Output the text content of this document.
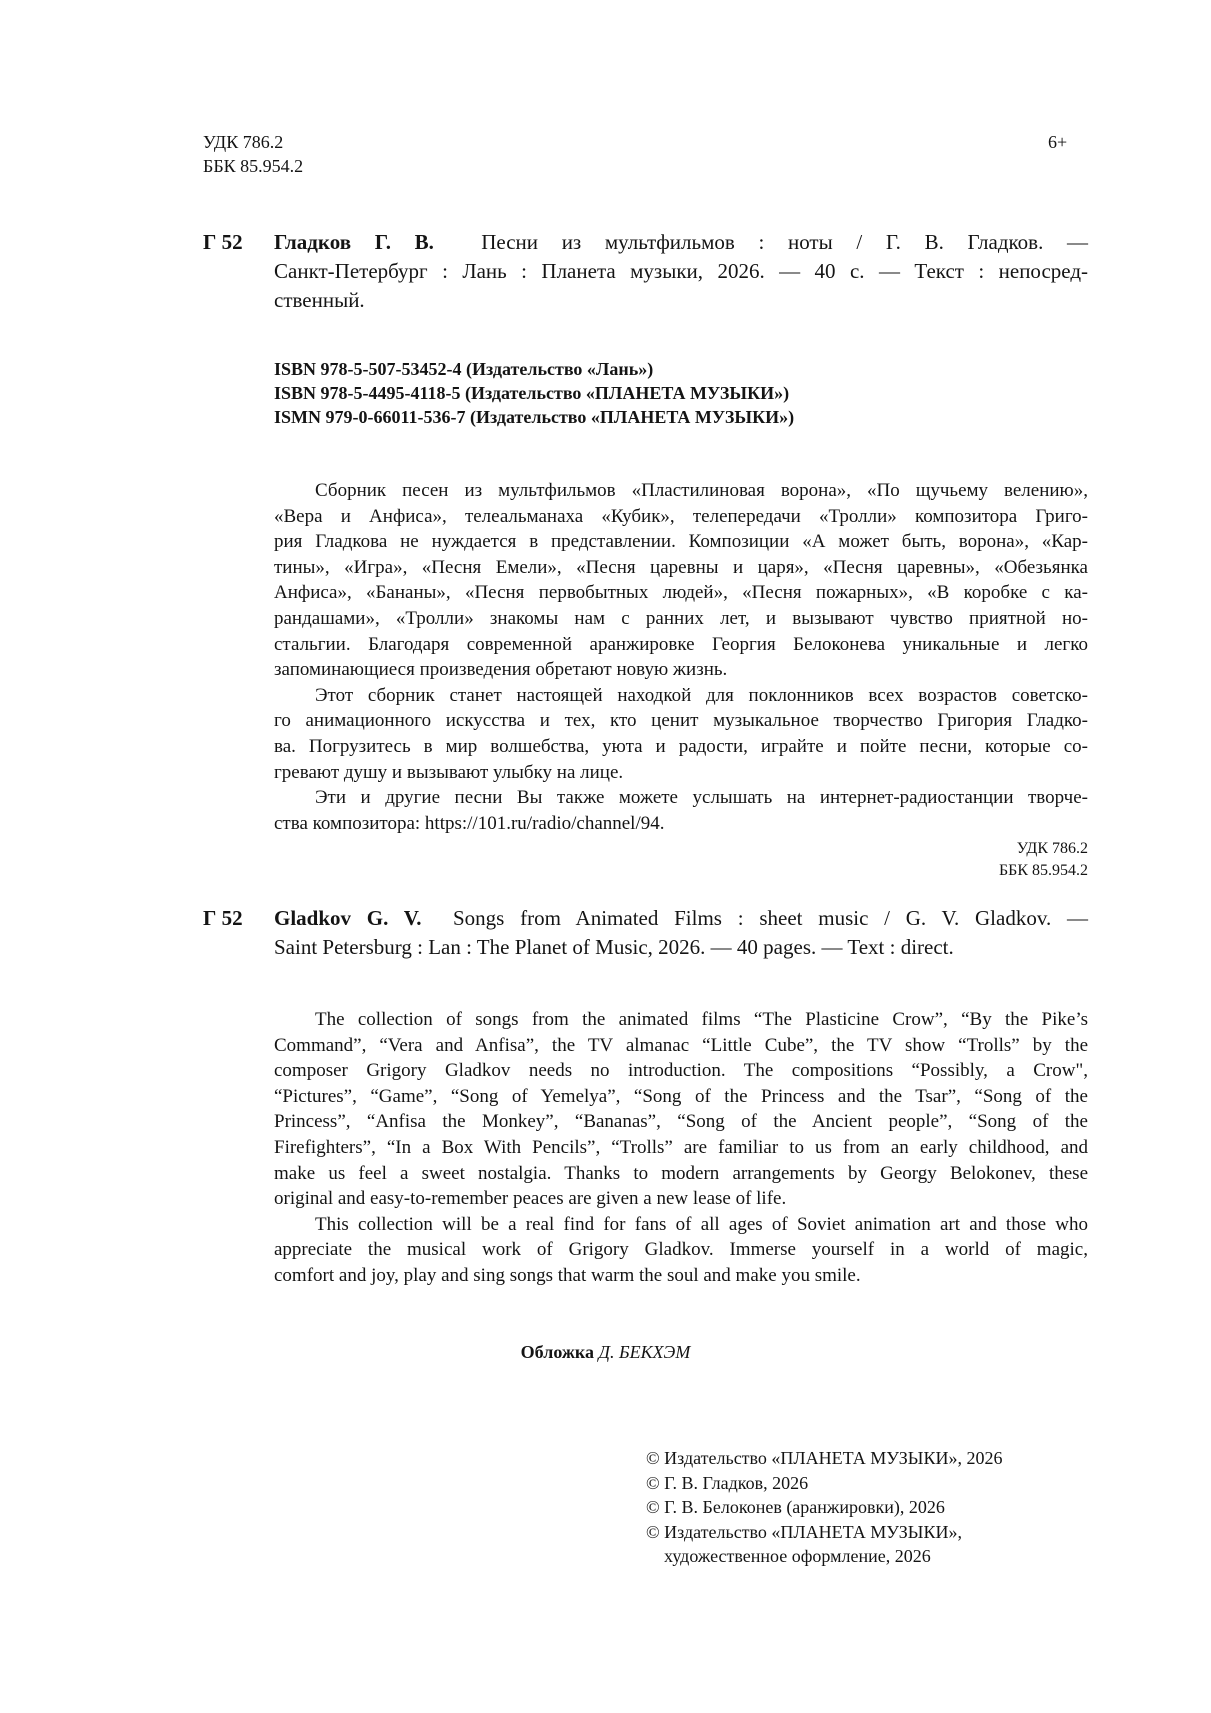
УДК 786.2
ББК 85.954.2
6+
Г 52 Гладков Г. В. Песни из мультфильмов : ноты / Г. В. Гладков. —
Санкт-Петербург : Лань : Планета музыки, 2026. — 40 с. — Текст : непосред-
ственный.
ISBN 978-5-507-53452-4 (Издательство «Лань»)
ISBN 978-5-4495-4118-5 (Издательство «ПЛАНЕТА МУЗЫКИ»)
ISMN 979-0-66011-536-7 (Издательство «ПЛАНЕТА МУЗЫКИ»)
Сборник песен из мультфильмов «Пластилиновая ворона», «По щучьему велению»,
«Вера и Анфиса», телеальманаха «Кубик», телепередачи «Тролли» композитора Григо-
рия Гладкова не нуждается в представлении. Композиции «А может быть, ворона», «Кар-
тины», «Игра», «Песня Емели», «Песня царевны и царя», «Песня царевны», «Обезьянка
Анфиса», «Бананы», «Песня первобытных людей», «Песня пожарных», «В коробке с ка-
рандашами», «Тролли» знакомы нам с ранних лет, и вызывают чувство приятной но-
стальгии. Благодаря современной аранжировке Георгия Белоконева уникальные и легко
запоминающиеся произведения обретают новую жизнь.
Этот сборник станет настоящей находкой для поклонников всех возрастов советско-
го анимационного искусства и тех, кто ценит музыкальное творчество Григория Гладко-
ва. Погрузитесь в мир волшебства, уюта и радости, играйте и пойте песни, которые со-
гревают душу и вызывают улыбку на лице.
Эти и другие песни Вы также можете услышать на интернет-радиостанции творче-
ства композитора: https://101.ru/radio/channel/94.
УДК 786.2
ББК 85.954.2
Г 52 Gladkov G. V. Songs from Animated Films : sheet music / G. V. Gladkov. —
Saint Petersburg : Lan : The Planet of Music, 2026. — 40 pages. — Text : direct.
The collection of songs from the animated films “The Plasticine Crow”, “By the Pike’s
Command”, “Vera and Anfisa”, the TV almanac “Little Cube”, the TV show “Trolls” by the
composer Grigory Gladkov needs no introduction. The compositions “Possibly, a Crow",
“Pictures”, “Game”, “Song of Yemelya”, “Song of the Princess and the Tsar”, “Song of the
Princess”, “Anfisa the Monkey”, “Bananas”, “Song of the Ancient people”, “Song of the
Firefighters”, “In a Box With Pencils”, “Trolls” are familiar to us from an early childhood, and
make us feel a sweet nostalgia. Thanks to modern arrangements by Georgy Belokonev, these
original and easy-to-remember peaces are given a new lease of life.
This collection will be a real find for fans of all ages of Soviet animation art and those who
appreciate the musical work of Grigory Gladkov. Immerse yourself in a world of magic,
comfort and joy, play and sing songs that warm the soul and make you smile.
Обложка Д. БЕКХЭМ
© Издательство «ПЛАНЕТА МУЗЫКИ», 2026
© Г. В. Гладков, 2026
© Г. В. Белоконев (аранжировки), 2026
© Издательство «ПЛАНЕТА МУЗЫКИ»,
художественное оформление, 2026
